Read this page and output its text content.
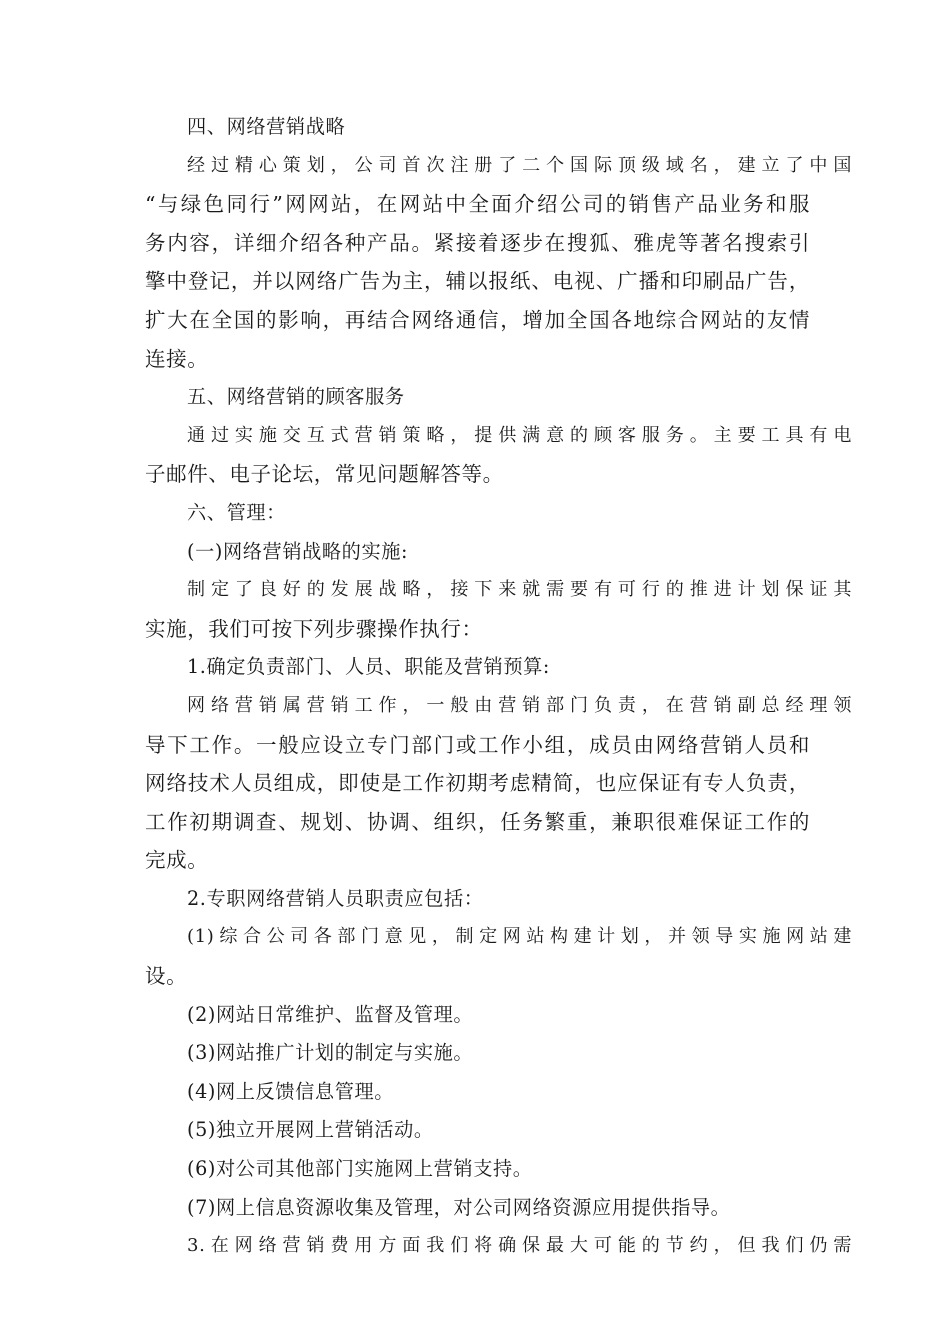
四、网络营销战略
经过精心策划，公司首次注册了二个国际顶级域名，建立了中国
“与绿色同行”网网站，在网站中全面介绍公司的销售产品业务和服
务内容，详细介绍各种产品。紧接着逐步在搜狐、雅虎等著名搜索引
擎中登记，并以网络广告为主，辅以报纸、电视、广播和印刷品广告，
扩大在全国的影响，再结合网络通信，增加全国各地综合网站的友情
连接。
五、网络营销的顾客服务
通过实施交互式营销策略，提供满意的顾客服务。主要工具有电
子邮件、电子论坛，常见问题解答等。
六、管理：
(一)网络营销战略的实施:
制定了良好的发展战略，接下来就需要有可行的推进计划保证其
实施，我们可按下列步骤操作执行：
1.确定负责部门、人员、职能及营销预算:
网络营销属营销工作，一般由营销部门负责，在营销副总经理领
导下工作。一般应设立专门部门或工作小组，成员由网络营销人员和
网络技术人员组成，即使是工作初期考虑精简，也应保证有专人负责，
工作初期调查、规划、协调、组织，任务繁重，兼职很难保证工作的
完成。
2.专职网络营销人员职责应包括：
(1)综合公司各部门意见，制定网站构建计划，并领导实施网站建
设。
(2)网站日常维护、监督及管理。
(3)网站推广计划的制定与实施。
(4)网上反馈信息管理。
(5)独立开展网上营销活动。
(6)对公司其他部门实施网上营销支持。
(7)网上信息资源收集及管理，对公司网络资源应用提供指导。
3.在网络营销费用方面我们将确保最大可能的节约，但我们仍需
